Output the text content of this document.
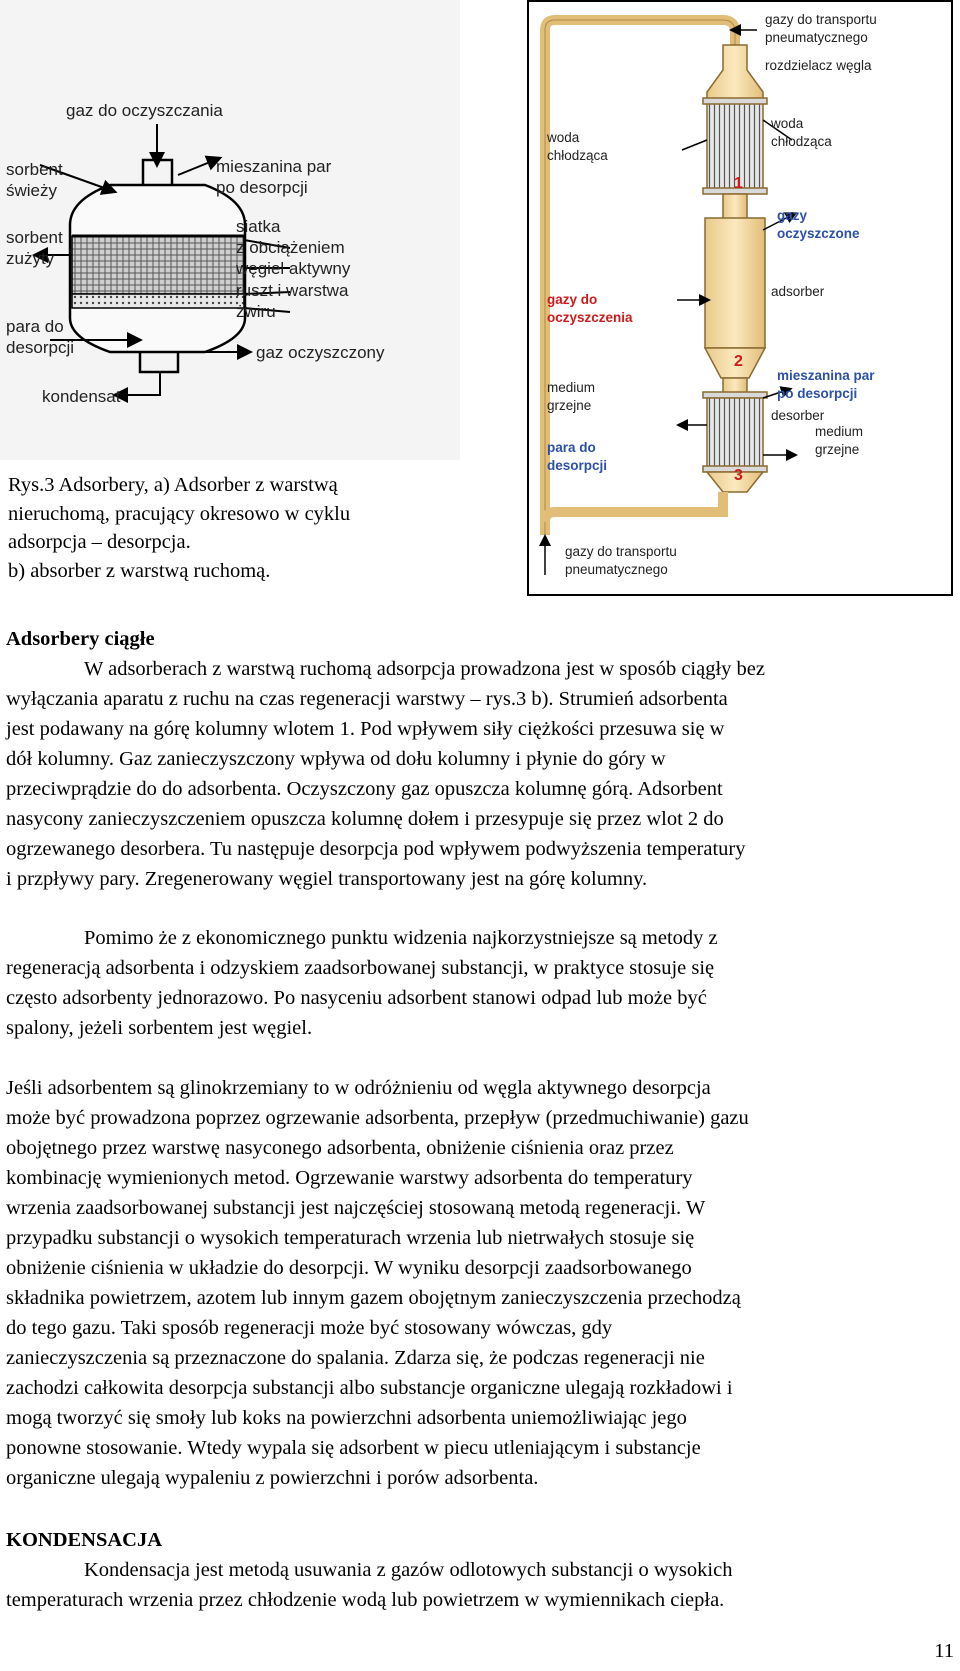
gaz do oczyszczania
sorbent
świeży
sorbent
zużyty
mieszanina par
po desorpcji
siatka
z obciążeniem
węgiel aktywny
ruszt i warstwa
żwiru
para do
desorpcji	gaz oczyszczony
kondensat
gazy do transportu
pneumatycznego
rozdzielacz węgla
woda
chłodząca
woda
chłodząca
adsorber
medium
grzejne
desorber
medium
grzejne
gazy do transportu
pneumatycznego
gazy
oczyszczone
mieszanina par
po desorpcji
para do
desorpcji
gazy do
oczyszczenia
1
2
3
Rys.3 Adsorbery, a) Adsorber z warstwą
nieruchomą, pracujący okresowo w cyklu
adsorpcja – desorpcja.
b) absorber z warstwą ruchomą.

Adsorbery ciągłe

W adsorberach z warstwą ruchomą adsorpcja prowadzona jest w sposób ciągły bez

wyłączania aparatu z ruchu na czas regeneracji warstwy – rys.3 b). Strumień adsorbenta

jest podawany na górę kolumny wlotem 1. Pod wpływem siły ciężkości przesuwa się w

dół kolumny. Gaz zanieczyszczony wpływa od dołu kolumny i płynie do góry w

przeciwprądzie do do adsorbenta. Oczyszczony gaz opuszcza kolumnę górą. Adsorbent

nasycony zanieczyszczeniem opuszcza kolumnę dołem i przesypuje się przez wlot 2 do

ogrzewanego desorbera. Tu następuje desorpcja pod wpływem podwyższenia temperatury

i przpływy pary. Zregenerowany węgiel transportowany jest na górę kolumny.

Pomimo że z ekonomicznego punktu widzenia najkorzystniejsze są metody z

regeneracją adsorbenta i odzyskiem zaadsorbowanej substancji, w praktyce stosuje się

często adsorbenty jednorazowo. Po nasyceniu adsorbent stanowi odpad lub może być

spalony, jeżeli sorbentem jest węgiel.

Jeśli adsorbentem są glinokrzemiany to w odróżnieniu od węgla aktywnego desorpcja

może być prowadzona poprzez ogrzewanie adsorbenta, przepływ (przedmuchiwanie) gazu

obojętnego przez warstwę nasyconego adsorbenta, obniżenie ciśnienia oraz przez

kombinację wymienionych metod. Ogrzewanie warstwy adsorbenta do temperatury

wrzenia zaadsorbowanej substancji jest najczęściej stosowaną metodą regeneracji. W

przypadku substancji o wysokich temperaturach wrzenia lub nietrwałych stosuje się

obniżenie ciśnienia w układzie do desorpcji. W wyniku desorpcji zaadsorbowanego

składnika powietrzem, azotem lub innym gazem obojętnym zanieczyszczenia przechodzą

do tego gazu. Taki sposób regeneracji może być stosowany wówczas, gdy

zanieczyszczenia są przeznaczone do spalania. Zdarza się, że podczas regeneracji nie

zachodzi całkowita desorpcja substancji albo substancje organiczne ulegają rozkładowi i

mogą tworzyć się smoły lub koks na powierzchni adsorbenta uniemożliwiając jego

ponowne stosowanie. Wtedy wypala się adsorbent w piecu utleniającym i substancje

organiczne ulegają wypaleniu z powierzchni i porów adsorbenta.

KONDENSACJA

Kondensacja jest metodą usuwania z gazów odlotowych substancji o wysokich

temperaturach wrzenia przez chłodzenie wodą lub powietrzem w wymiennikach ciepła.

11
